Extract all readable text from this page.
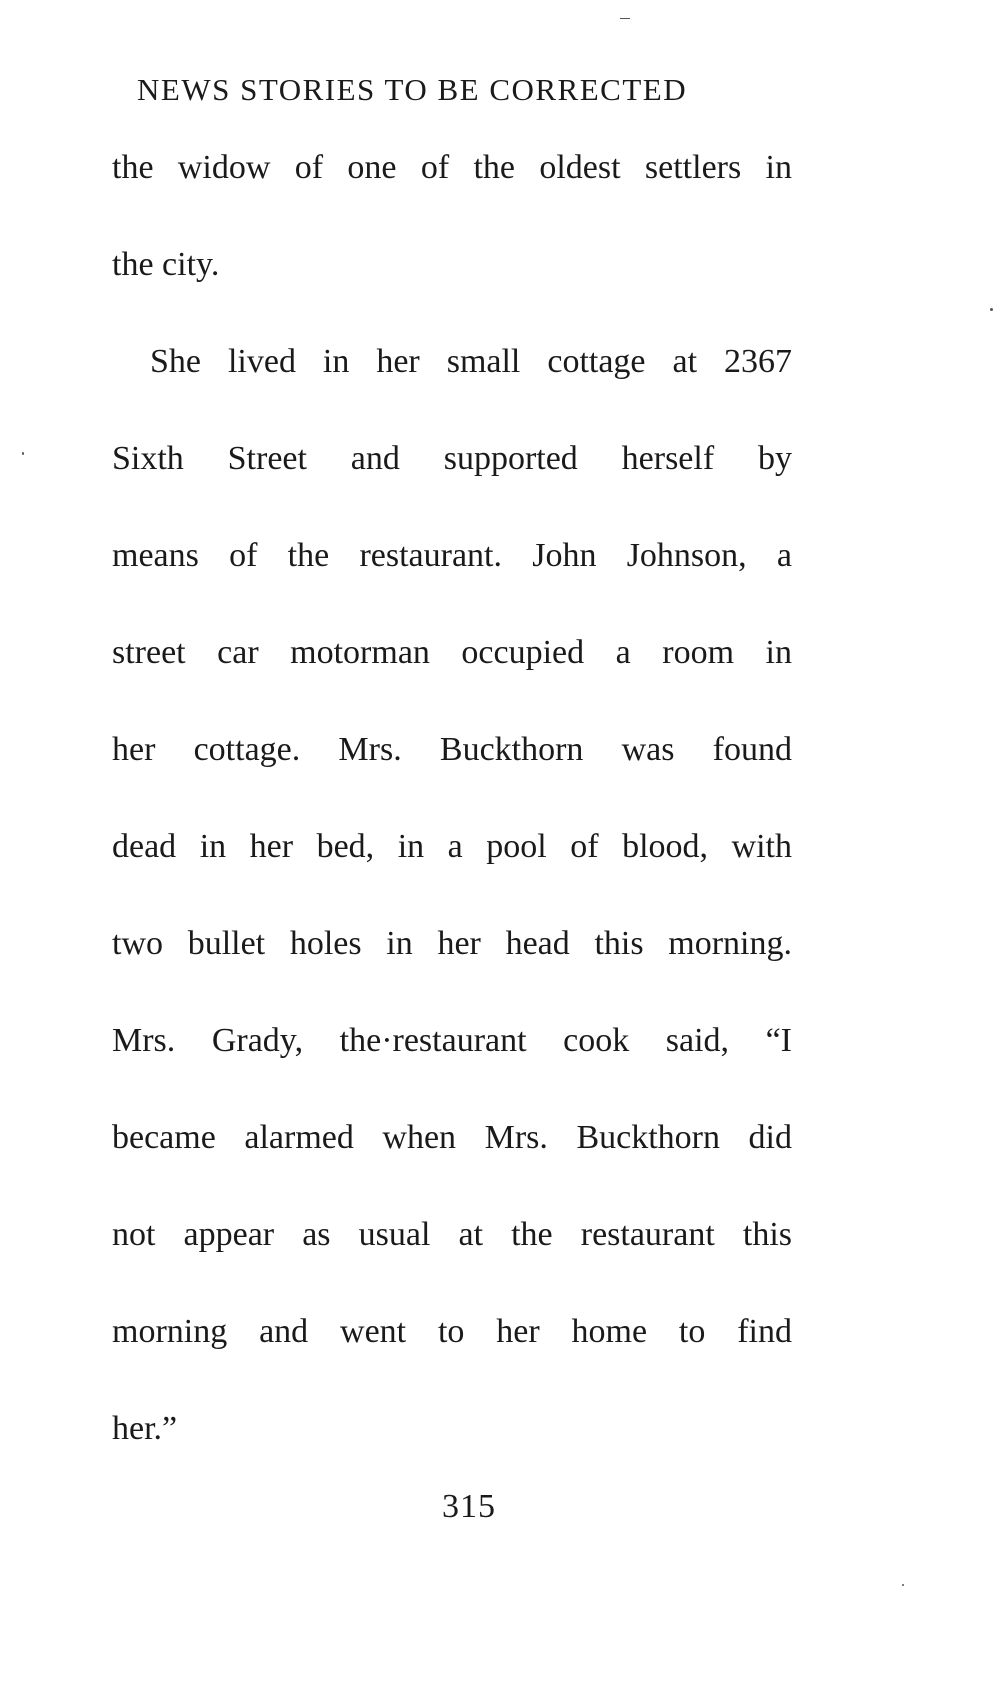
NEWS STORIES TO BE CORRECTED
the widow of one of the oldest settlers in
the city.
She lived in her small cottage at 2367
Sixth Street and supported herself by
means of the restaurant. John Johnson, a
street car motorman occupied a room in
her cottage. Mrs. Buckthorn was found
dead in her bed, in a pool of blood, with
two bullet holes in her head this morning.
Mrs. Grady, the·restaurant cook said, “I
became alarmed when Mrs. Buckthorn did
not appear as usual at the restaurant this
morning and went to her home to find
her.”
315
